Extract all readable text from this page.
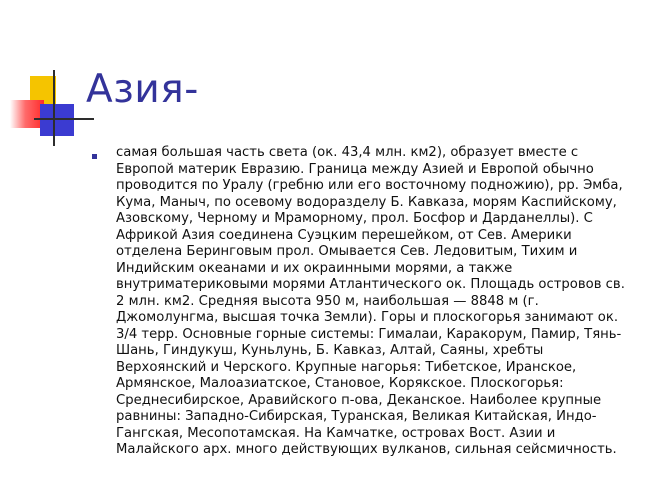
Азия-
самая большая часть света (ок. 43,4 млн. км2), образует вместе с Европой материк Евразию. Граница между Азией и Европой обычно проводится по Уралу (гребню или его восточному подножию), рр. Эмба, Кума, Маныч, по осевому водоразделу Б. Кавказа, морям Каспийскому, Азовскому, Черному и Мраморному, прол. Босфор и Дарданеллы). С Африкой Азия соединена Суэцким перешейком, от Сев. Америки отделена Беринговым прол. Омывается Сев. Ледовитым, Тихим и Индийским океанами и их окраинными морями, а также внутриматериковыми морями Атлантического ок. Площадь островов св. 2 млн. км2. Средняя высота 950 м, наибольшая — 8848 м (г. Джомолунгма, высшая точка Земли). Горы и плоскогорья занимают ок. 3/4 терр. Основные горные системы: Гималаи, Каракорум, Памир, Тянь-Шань, Гиндукуш, Куньлунь, Б. Кавказ, Алтай, Саяны, хребты Верхоянский и Черского. Крупные нагорья: Тибетское, Иранское, Армянское, Малоазиатское, Становое, Корякское. Плоскогорья: Среднесибирское, Аравийского п-ова, Деканское. Наиболее крупные равнины: Западно-Сибирская, Туранская, Великая Китайская, Индо-Гангская, Месопотамская. На Камчатке, островах Вост. Азии и Малайского арх. много действующих вулканов, сильная сейсмичность.
